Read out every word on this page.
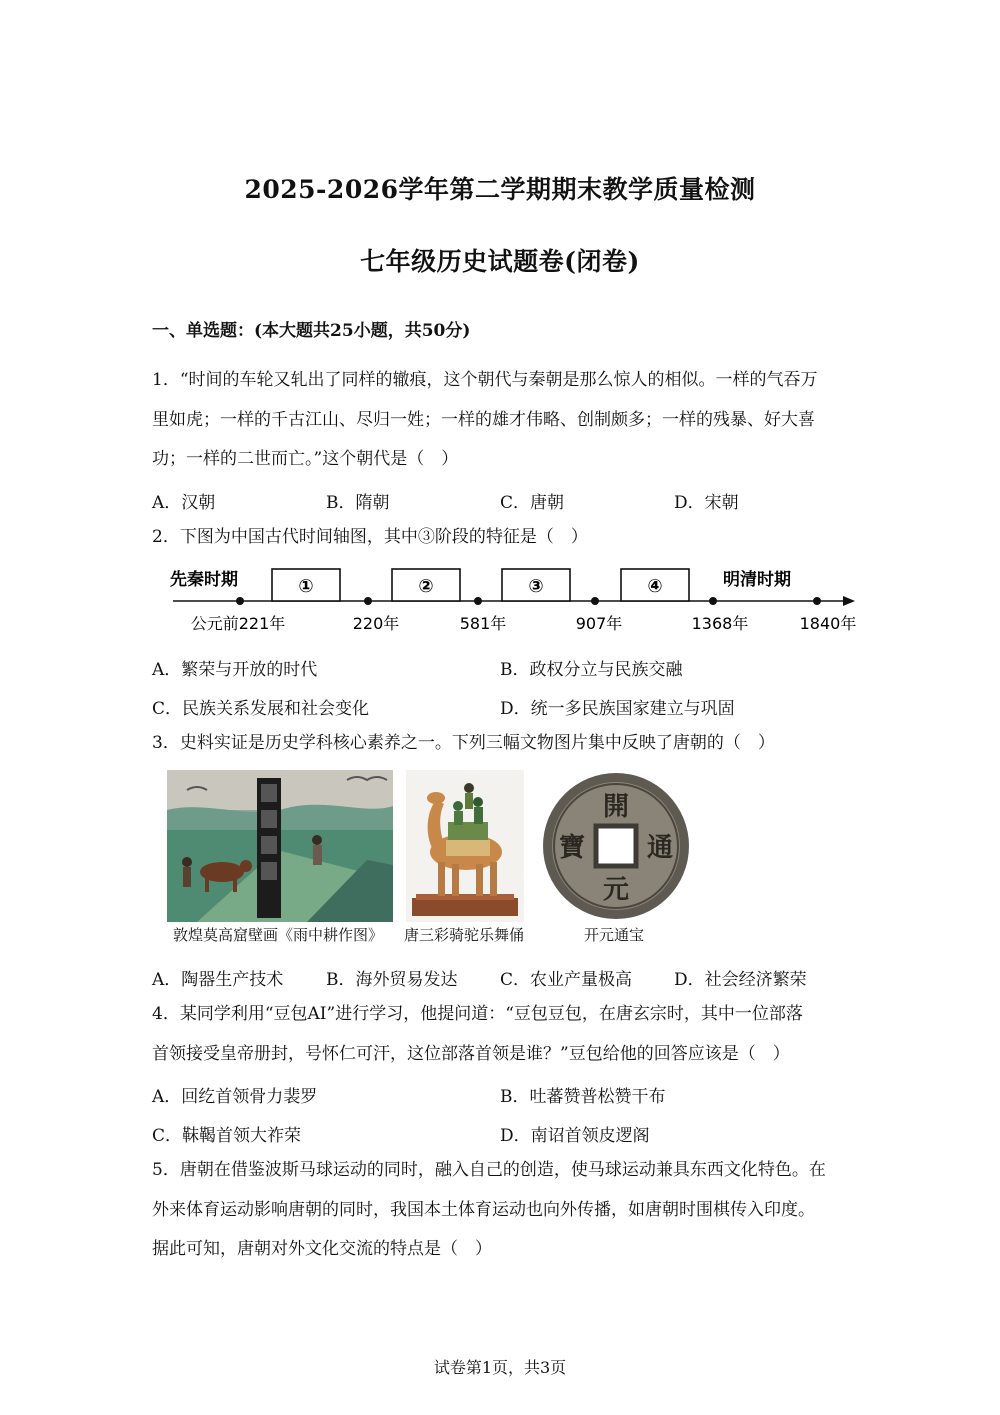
2025-2026学年第二学期期末教学质量检测
七年级历史试题卷(闭卷)
一、单选题：(本大题共25小题，共50分)
1．“时间的车轮又轧出了同样的辙痕，这个朝代与秦朝是那么惊人的相似。一样的气吞万
里如虎；一样的千古江山、尽归一姓；一样的雄才伟略、创制颇多；一样的残暴、好大喜
功；一样的二世而亡。”这个朝代是（　）
A．汉朝	B．隋朝	C．唐朝	D．宋朝
2．下图为中国古代时间轴图，其中③阶段的特征是（　）
先秦时期	明清时期
①	②	③	④
公元前221年	220年	581年	907年	1368年	1840年
A．繁荣与开放的时代	B．政权分立与民族交融
C．民族关系发展和社会变化	D．统一多民族国家建立与巩固
3．史料实证是历史学科核心素养之一。下列三幅文物图片集中反映了唐朝的（　）
開
元
通
寶
敦煌莫高窟壁画《雨中耕作图》 唐三彩骑驼乐舞俑	开元通宝
A．陶器生产技术	B．海外贸易发达	C．农业产量极高 D．社会经济繁荣
4．某同学利用“豆包AI”进行学习，他提问道：“豆包豆包，在唐玄宗时，其中一位部落
首领接受皇帝册封，号怀仁可汗，这位部落首领是谁？”豆包给他的回答应该是（　）
A．回纥首领骨力裴罗	B．吐蕃赞普松赞干布
C．靺鞨首领大祚荣	D．南诏首领皮逻阁
5．唐朝在借鉴波斯马球运动的同时，融入自己的创造，使马球运动兼具东西文化特色。在
外来体育运动影响唐朝的同时，我国本土体育运动也向外传播，如唐朝时围棋传入印度。
据此可知，唐朝对外文化交流的特点是（　）
试卷第1页，共3页
